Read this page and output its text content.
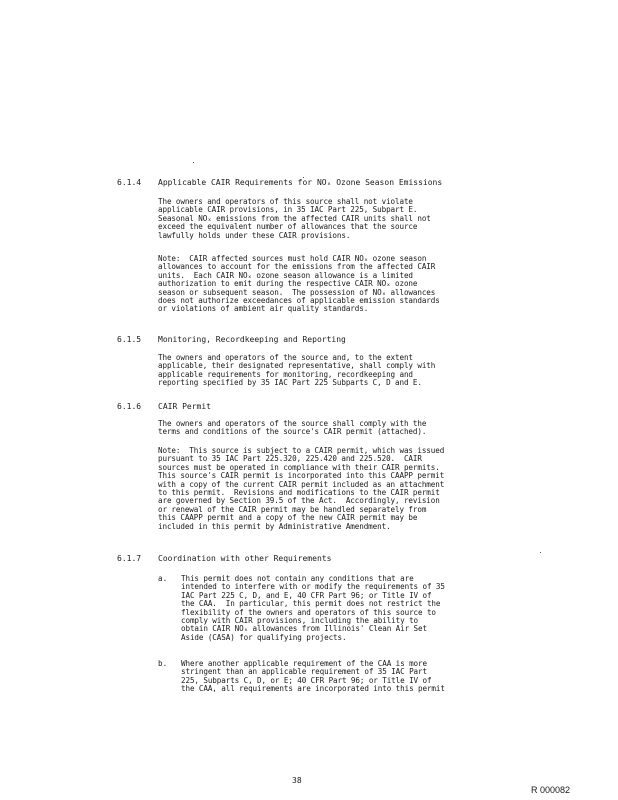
6.1.4 Applicable CAIR Requirements for NOₓ Ozone Season Emissions
The owners and operators of this source shall not violate
applicable CAIR provisions, in 35 IAC Part 225, Subpart E.
Seasonal NOₓ emissions from the affected CAIR units shall not
exceed the equivalent number of allowances that the source
lawfully holds under these CAIR provisions.
Note:  CAIR affected sources must hold CAIR NOₓ ozone season
allowances to account for the emissions from the affected CAIR
units.  Each CAIR NOₓ ozone season allowance is a limited
authorization to emit during the respective CAIR NOₓ ozone
season or subsequent season.  The possession of NOₓ allowances
does not authorize exceedances of applicable emission standards
or violations of ambient air quality standards.
6.1.5 Monitoring, Recordkeeping and Reporting
The owners and operators of the source and, to the extent
applicable, their designated representative, shall comply with
applicable requirements for monitoring, recordkeeping and
reporting specified by 35 IAC Part 225 Subparts C, D and E.
6.1.6 CAIR Permit
The owners and operators of the source shall comply with the
terms and conditions of the source's CAIR permit (attached).
Note:  This source is subject to a CAIR permit, which was issued
pursuant to 35 IAC Part 225.320, 225.420 and 225.520.  CAIR
sources must be operated in compliance with their CAIR permits.
This source's CAIR permit is incorporated into this CAAPP permit
with a copy of the current CAIR permit included as an attachment
to this permit.  Revisions and modifications to the CAIR permit
are governed by Section 39.5 of the Act.  Accordingly, revision
or renewal of the CAIR permit may be handled separately from
this CAAPP permit and a copy of the new CAIR permit may be
included in this permit by Administrative Amendment.
6.1.7 Coordination with other Requirements
a. This permit does not contain any conditions that are
intended to interfere with or modify the requirements of 35
IAC Part 225 C, D, and E, 40 CFR Part 96; or Title IV of
the CAA.  In particular, this permit does not restrict the
flexibility of the owners and operators of this source to
comply with CAIR provisions, including the ability to
obtain CAIR NOₓ allowances from Illinois' Clean Air Set
Aside (CASA) for qualifying projects.
b. Where another applicable requirement of the CAA is more
stringent than an applicable requirement of 35 IAC Part
225, Subparts C, D, or E; 40 CFR Part 96; or Title IV of
the CAA, all requirements are incorporated into this permit
38
R 000082
